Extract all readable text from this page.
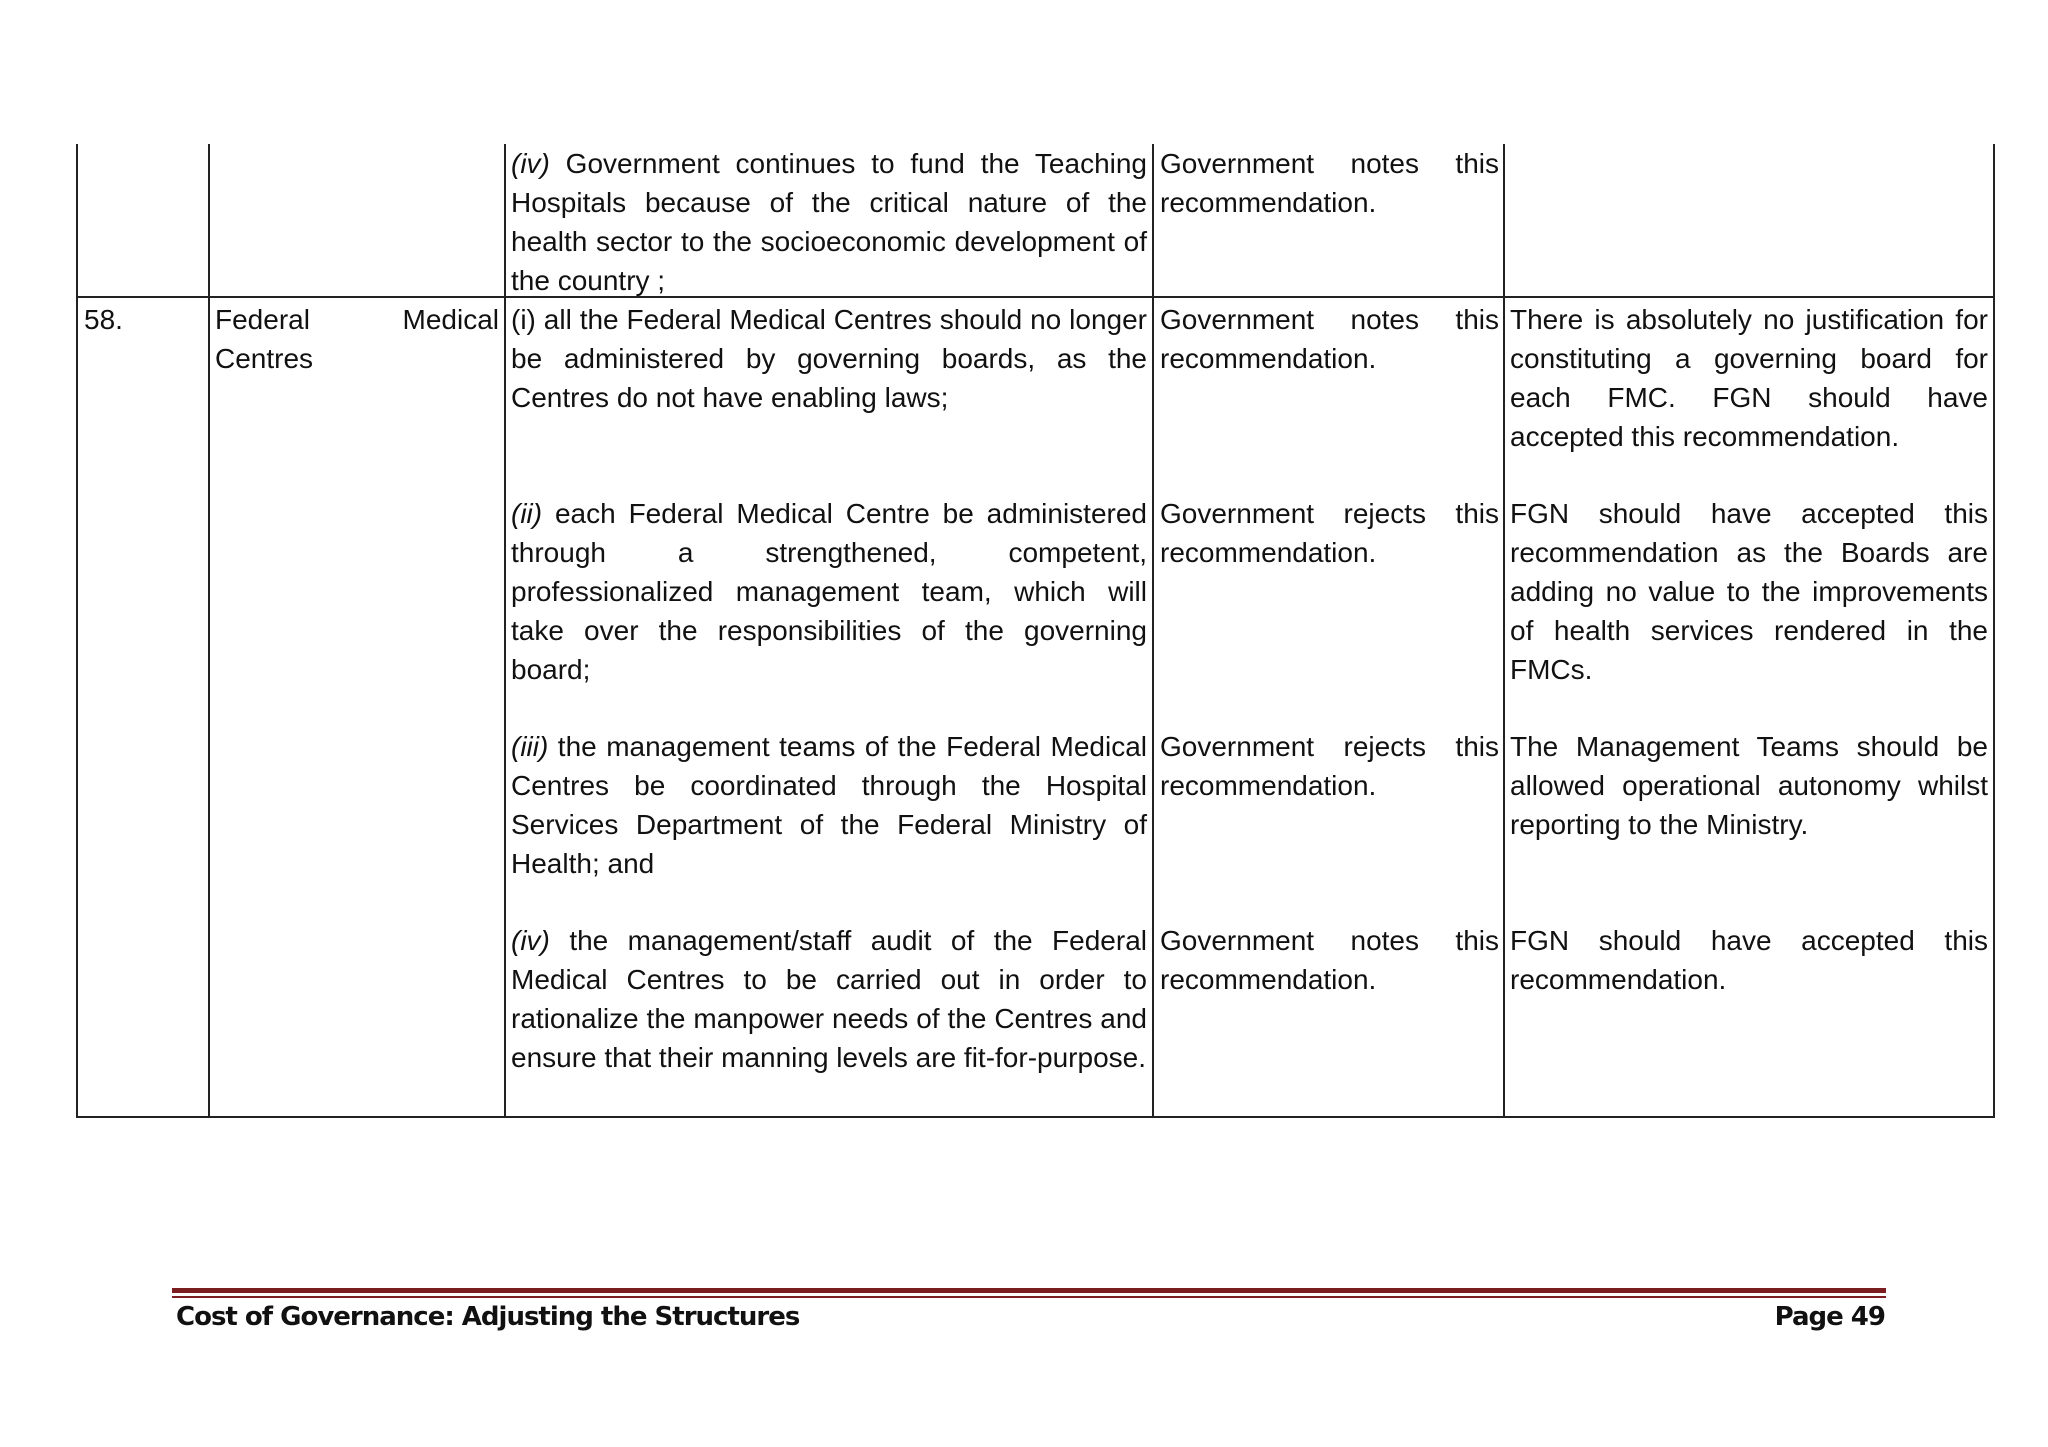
(iv) Government continues to fund the Teaching Hospitals because of the critical nature of the health sector to the socioeconomic development of the country ;
Government notes this recommendation.
58.	Federal Medical Centres
(i) all the Federal Medical Centres should no longer be administered by governing boards, as the Centres do not have enabling laws;
Government notes this recommendation.
There is absolutely no justification for constituting a governing board for each FMC. FGN should have accepted this recommendation.
(ii) each Federal Medical Centre be administered through a strengthened, competent, professionalized management team, which will take over the responsibilities of the governing board;
Government rejects this recommendation.
FGN should have accepted this recommendation as the Boards are adding no value to the improvements of health services rendered in the FMCs.
(iii) the management teams of the Federal Medical Centres be coordinated through the Hospital Services Department of the Federal Ministry of Health; and
Government rejects this recommendation.
The Management Teams should be allowed operational autonomy whilst reporting to the Ministry.
(iv) the management/staff audit of the Federal Medical Centres to be carried out in order to rationalize the manpower needs of the Centres and ensure that their manning levels are fit-for-purpose.
Government notes this recommendation.
FGN should have accepted this recommendation.
Cost of Governance: Adjusting the Structures	Page 49
